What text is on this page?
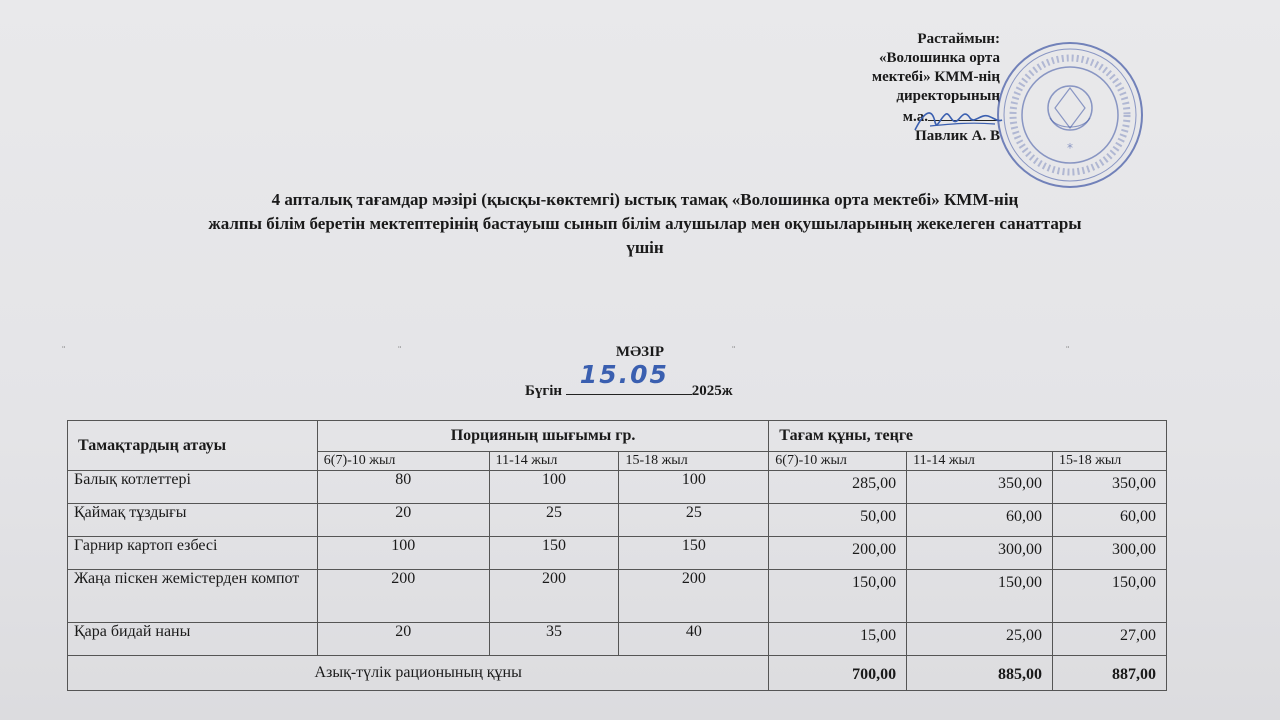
Растаймын:
«Волошинка орта
мектебі» КММ-нің
директорының
м.а.
Павлик А. В
*
4 апталық тағамдар мәзірі (қысқы-көктемгі) ыстық тамақ «Волошинка орта мектебі» КММ-нің
жалпы білім беретін мектептерінің бастауыш сынып білім алушылар мен оқушыларының жекелеген санаттары
үшін
¨	¨	¨	¨
МӘЗІР
Бүгін
15.05
2025ж
Тамақтардың атауы	Порцияның шығымы гр.			Тағам құны, теңге		
	6(7)-10 жыл	11-14 жыл	15-18 жыл	6(7)-10 жыл	11-14 жыл	15-18 жыл
Балық котлеттері	80	100	100	285,00	350,00	350,00
Қаймақ тұздығы	20	25	25	50,00	60,00	60,00
Гарнир картоп езбесі	100	150	150	200,00	300,00	300,00
Жаңа піскен жемістерден компот	200	200	200	150,00	150,00	150,00
Қара бидай наны	20	35	40	15,00	25,00	27,00
Азық-түлік рационының құны				700,00	885,00	887,00
